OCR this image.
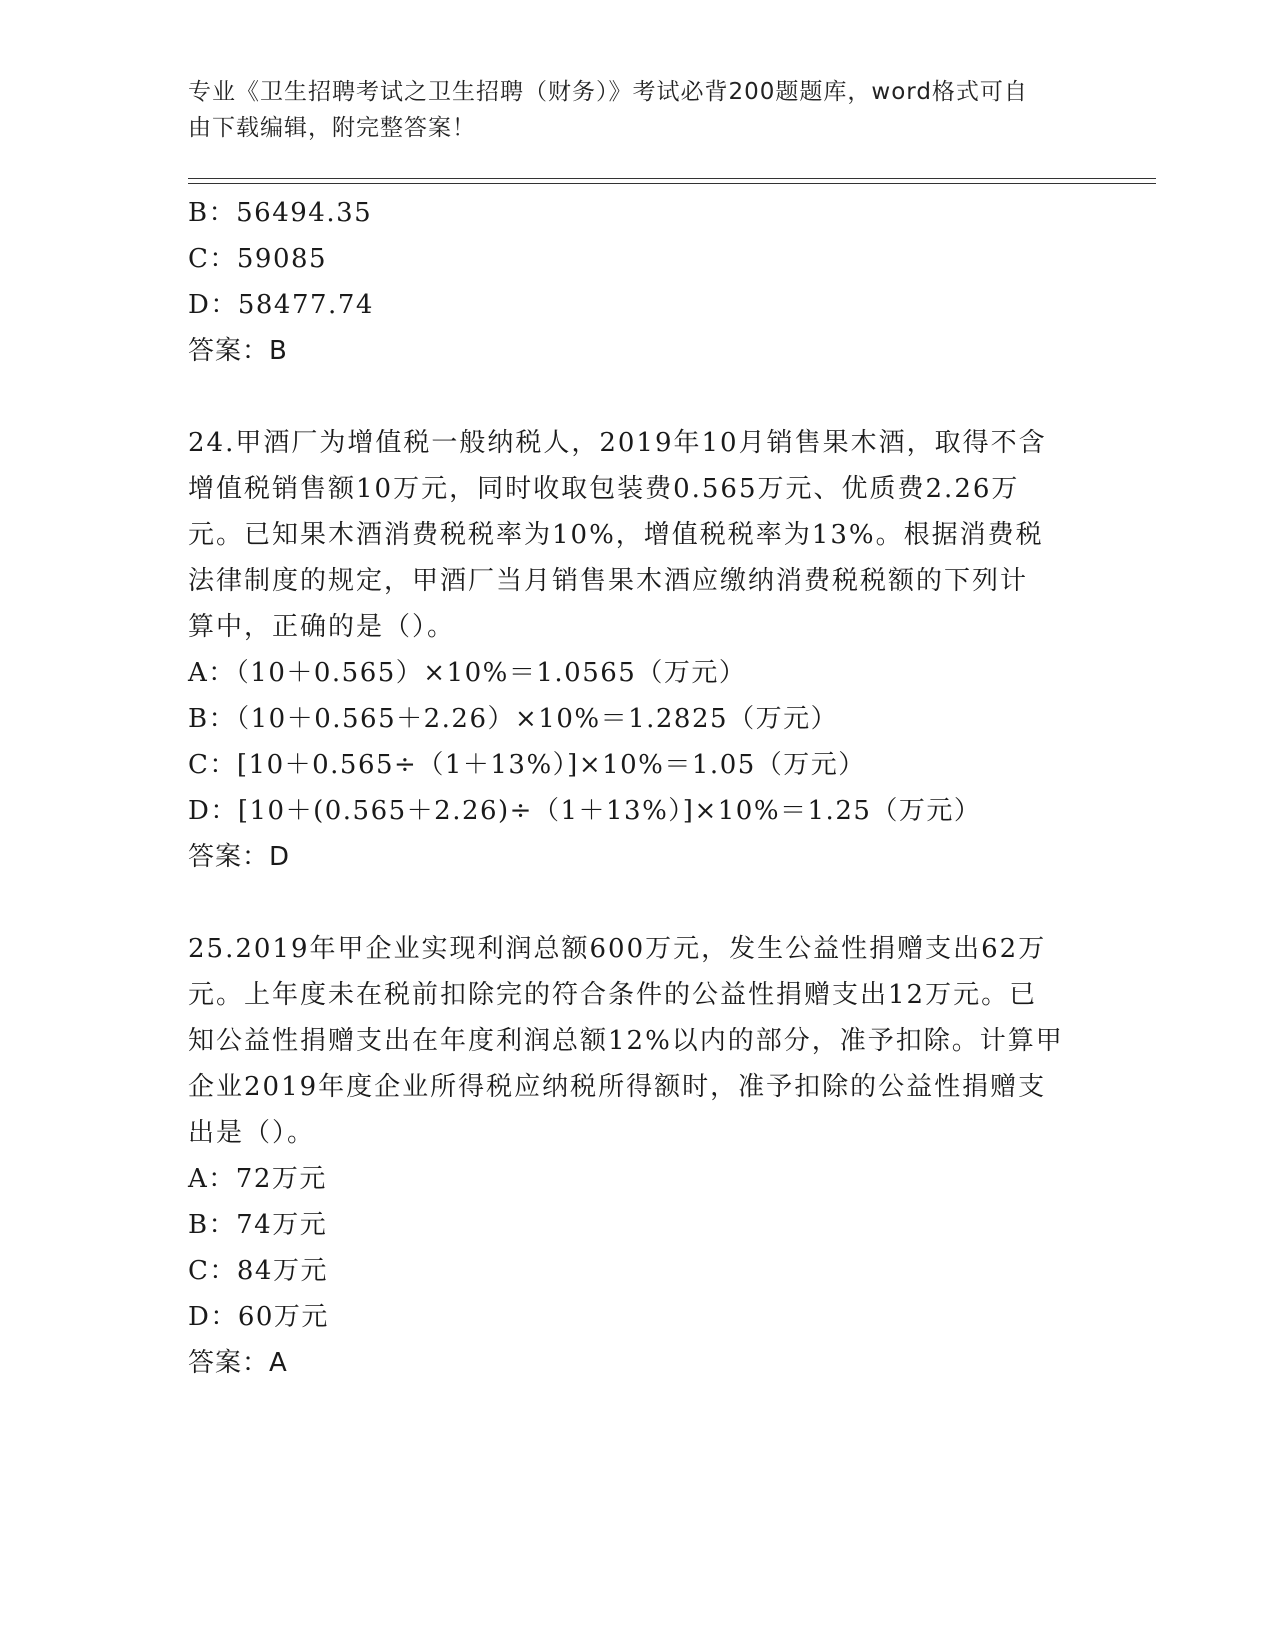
专业《卫生招聘考试之卫生招聘（财务）》考试必背200题题库，word格式可自
由下载编辑，附完整答案！
B：56494.35
C：59085
D：58477.74
答案：B
24.甲酒厂为增值税一般纳税人，2019年10月销售果木酒，取得不含
增值税销售额10万元，同时收取包装费0.565万元、优质费2.26万
元。已知果木酒消费税税率为10%，增值税税率为13%。根据消费税
法律制度的规定，甲酒厂当月销售果木酒应缴纳消费税税额的下列计
算中，正确的是（）。
A：（10＋0.565）×10%＝1.0565（万元）
B：（10＋0.565＋2.26）×10%＝1.2825（万元）
C：[10＋0.565÷（1＋13%）]×10%＝1.05（万元）
D：[10＋(0.565＋2.26)÷（1＋13%）]×10%＝1.25（万元）
答案：D
25.2019年甲企业实现利润总额600万元，发生公益性捐赠支出62万
元。上年度未在税前扣除完的符合条件的公益性捐赠支出12万元。已
知公益性捐赠支出在年度利润总额12%以内的部分，准予扣除。计算甲
企业2019年度企业所得税应纳税所得额时，准予扣除的公益性捐赠支
出是（）。
A：72万元
B：74万元
C：84万元
D：60万元
答案：A
